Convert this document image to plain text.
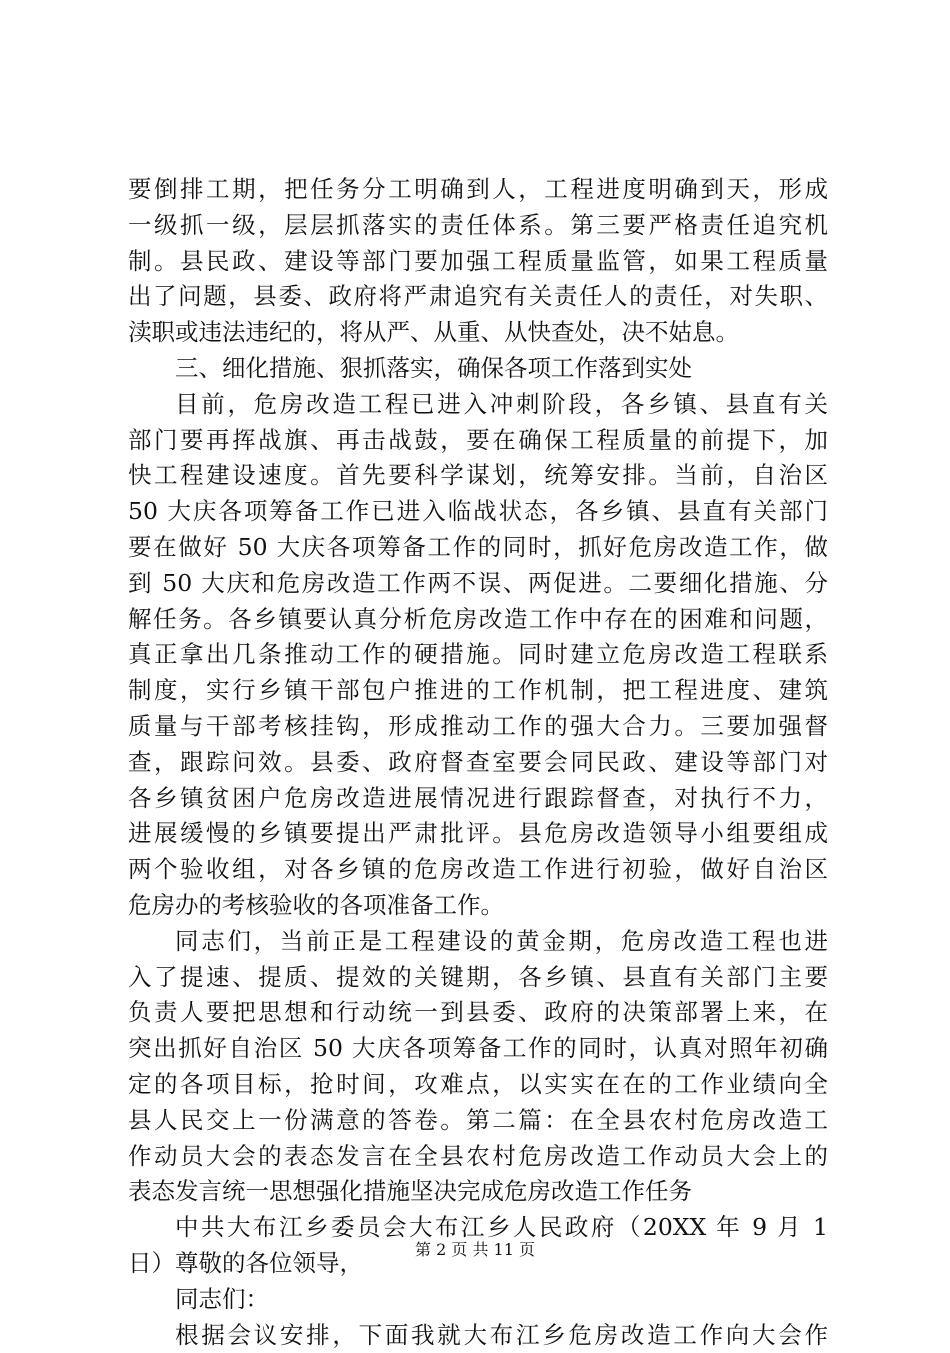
要倒排工期，把任务分工明确到人，工程进度明确到天，形成
一级抓一级，层层抓落实的责任体系。第三要严格责任追究机
制。县民政、建设等部门要加强工程质量监管，如果工程质量
出了问题，县委、政府将严肃追究有关责任人的责任，对失职、
渎职或违法违纪的，将从严、从重、从快查处，决不姑息。
三、细化措施、狠抓落实，确保各项工作落到实处
目前，危房改造工程已进入冲刺阶段，各乡镇、县直有关
部门要再挥战旗、再击战鼓，要在确保工程质量的前提下，加
快工程建设速度。首先要科学谋划，统筹安排。当前，自治区
50 大庆各项筹备工作已进入临战状态，各乡镇、县直有关部门
要在做好 50 大庆各项筹备工作的同时，抓好危房改造工作，做
到 50 大庆和危房改造工作两不误、两促进。二要细化措施、分
解任务。各乡镇要认真分析危房改造工作中存在的困难和问题，
真正拿出几条推动工作的硬措施。同时建立危房改造工程联系
制度，实行乡镇干部包户推进的工作机制，把工程进度、建筑
质量与干部考核挂钩，形成推动工作的强大合力。三要加强督
查，跟踪问效。县委、政府督查室要会同民政、建设等部门对
各乡镇贫困户危房改造进展情况进行跟踪督查，对执行不力，
进展缓慢的乡镇要提出严肃批评。县危房改造领导小组要组成
两个验收组，对各乡镇的危房改造工作进行初验，做好自治区
危房办的考核验收的各项准备工作。
同志们，当前正是工程建设的黄金期，危房改造工程也进
入了提速、提质、提效的关键期，各乡镇、县直有关部门主要
负责人要把思想和行动统一到县委、政府的决策部署上来，在
突出抓好自治区 50 大庆各项筹备工作的同时，认真对照年初确
定的各项目标，抢时间，攻难点，以实实在在的工作业绩向全
县人民交上一份满意的答卷。第二篇：在全县农村危房改造工
作动员大会的表态发言在全县农村危房改造工作动员大会上的
表态发言统一思想强化措施坚决完成危房改造工作任务
中共大布江乡委员会大布江乡人民政府（20XX 年 9 月 1
日）尊敬的各位领导，
同志们：
根据会议安排，下面我就大布江乡危房改造工作向大会作
第 2 页 共 11 页
